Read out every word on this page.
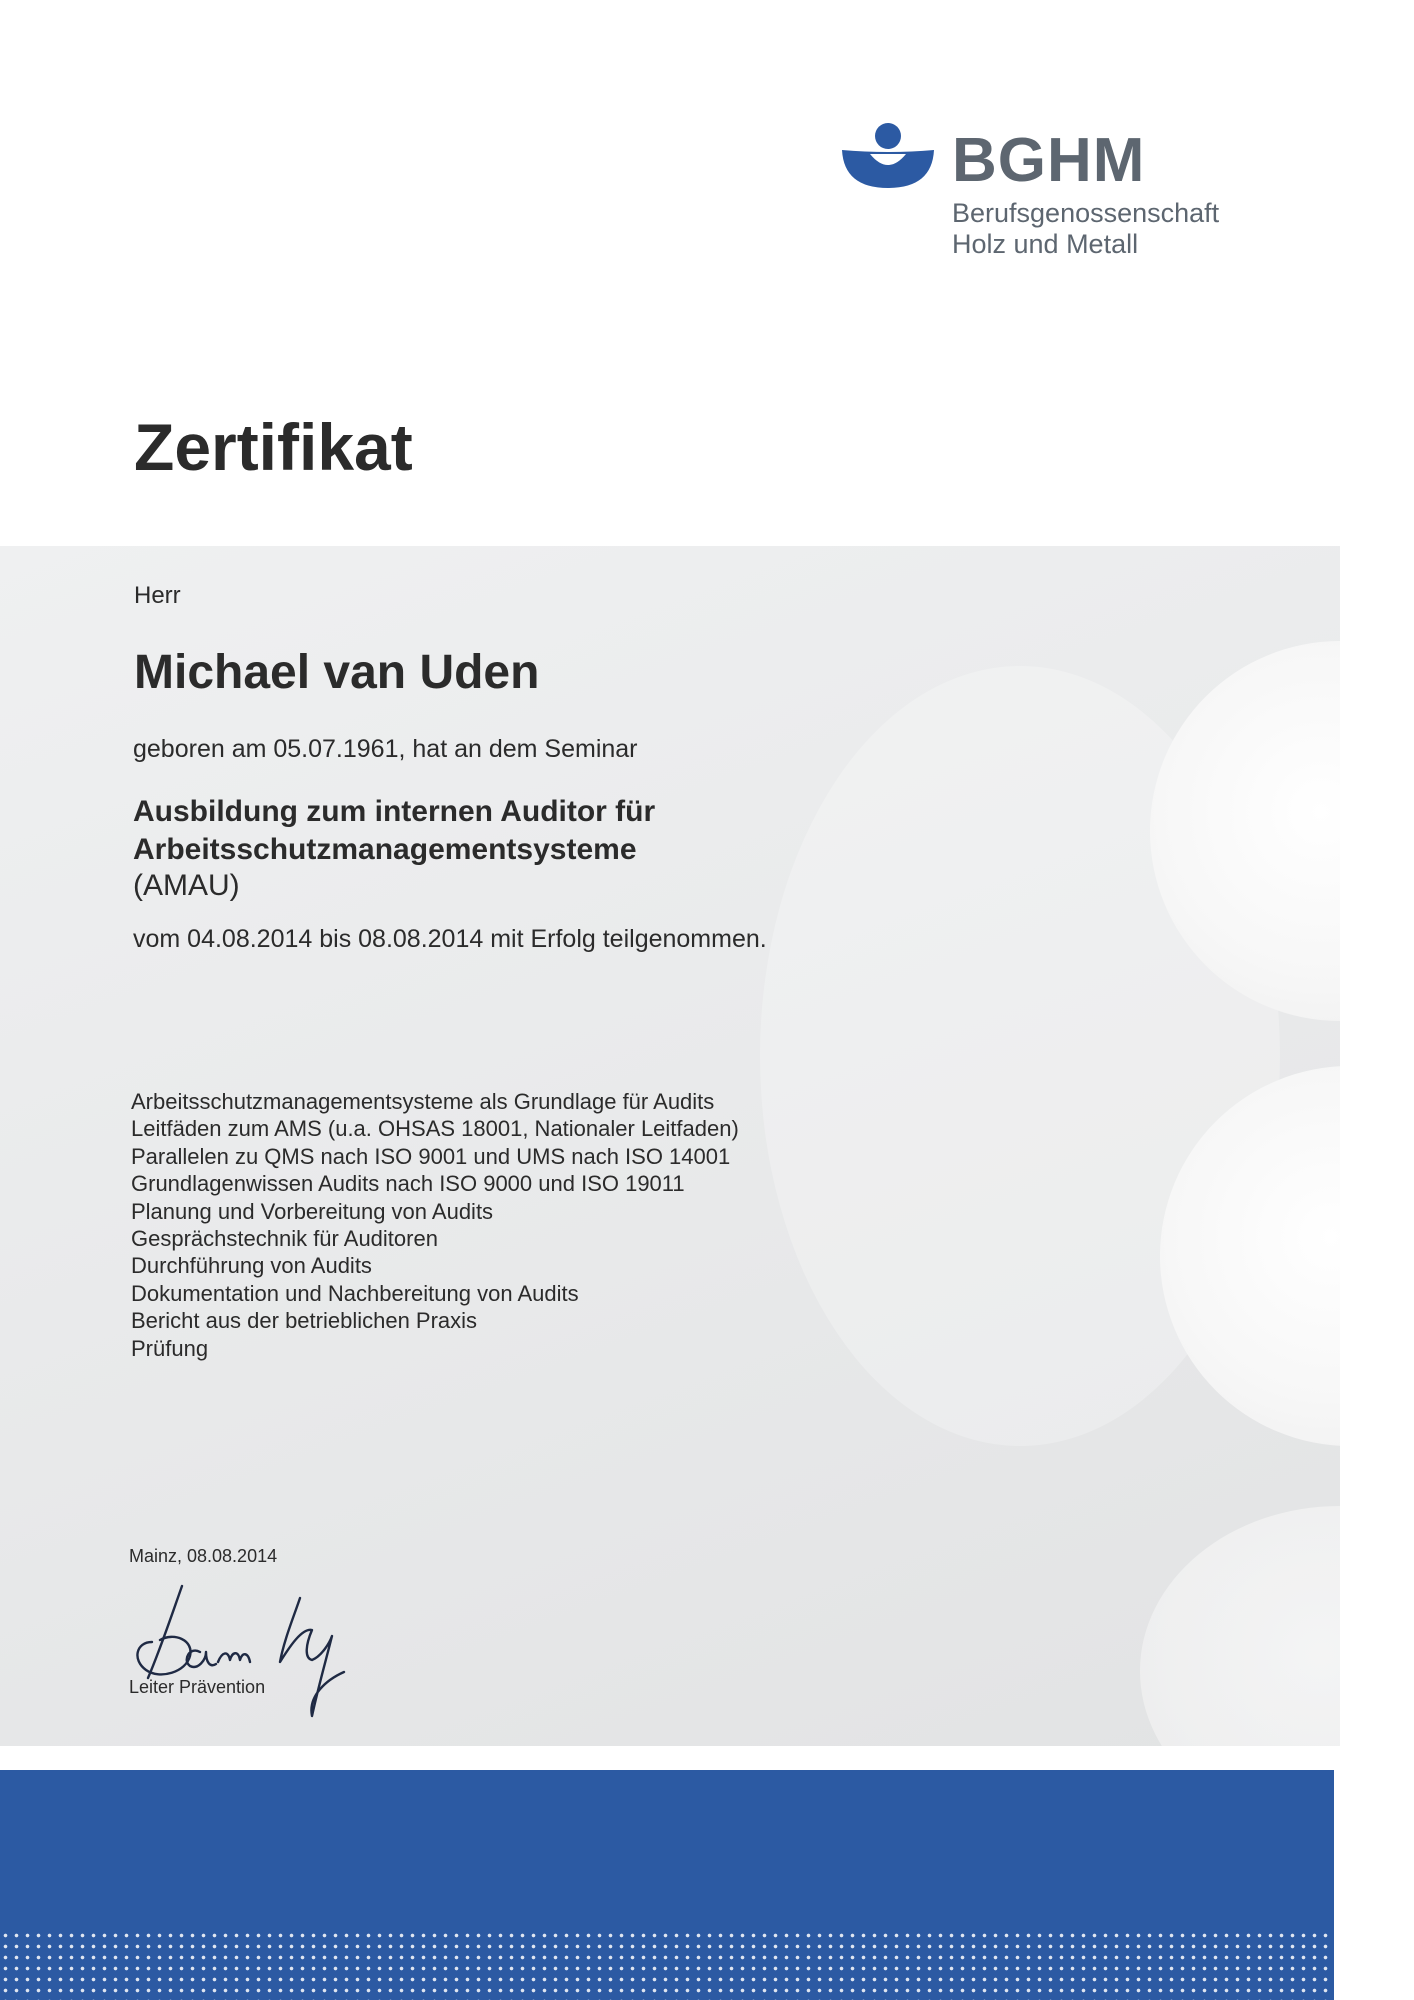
BGHM
Berufsgenossenschaft
Holz und Metall
Zertifikat
Herr
Michael van Uden
geboren am 05.07.1961, hat an dem Seminar
Ausbildung zum internen Auditor für
Arbeitsschutzmanagementsysteme
(AMAU)
vom 04.08.2014 bis 08.08.2014 mit Erfolg teilgenommen.
Arbeitsschutzmanagementsysteme als Grundlage für Audits
Leitfäden zum AMS (u.a. OHSAS 18001, Nationaler Leitfaden)
Parallelen zu QMS nach ISO 9001 und UMS nach ISO 14001
Grundlagenwissen Audits nach ISO 9000 und ISO 19011
Planung und Vorbereitung von Audits
Gesprächstechnik für Auditoren
Durchführung von Audits
Dokumentation und Nachbereitung von Audits
Bericht aus der betrieblichen Praxis
Prüfung
Mainz, 08.08.2014
Leiter Prävention
